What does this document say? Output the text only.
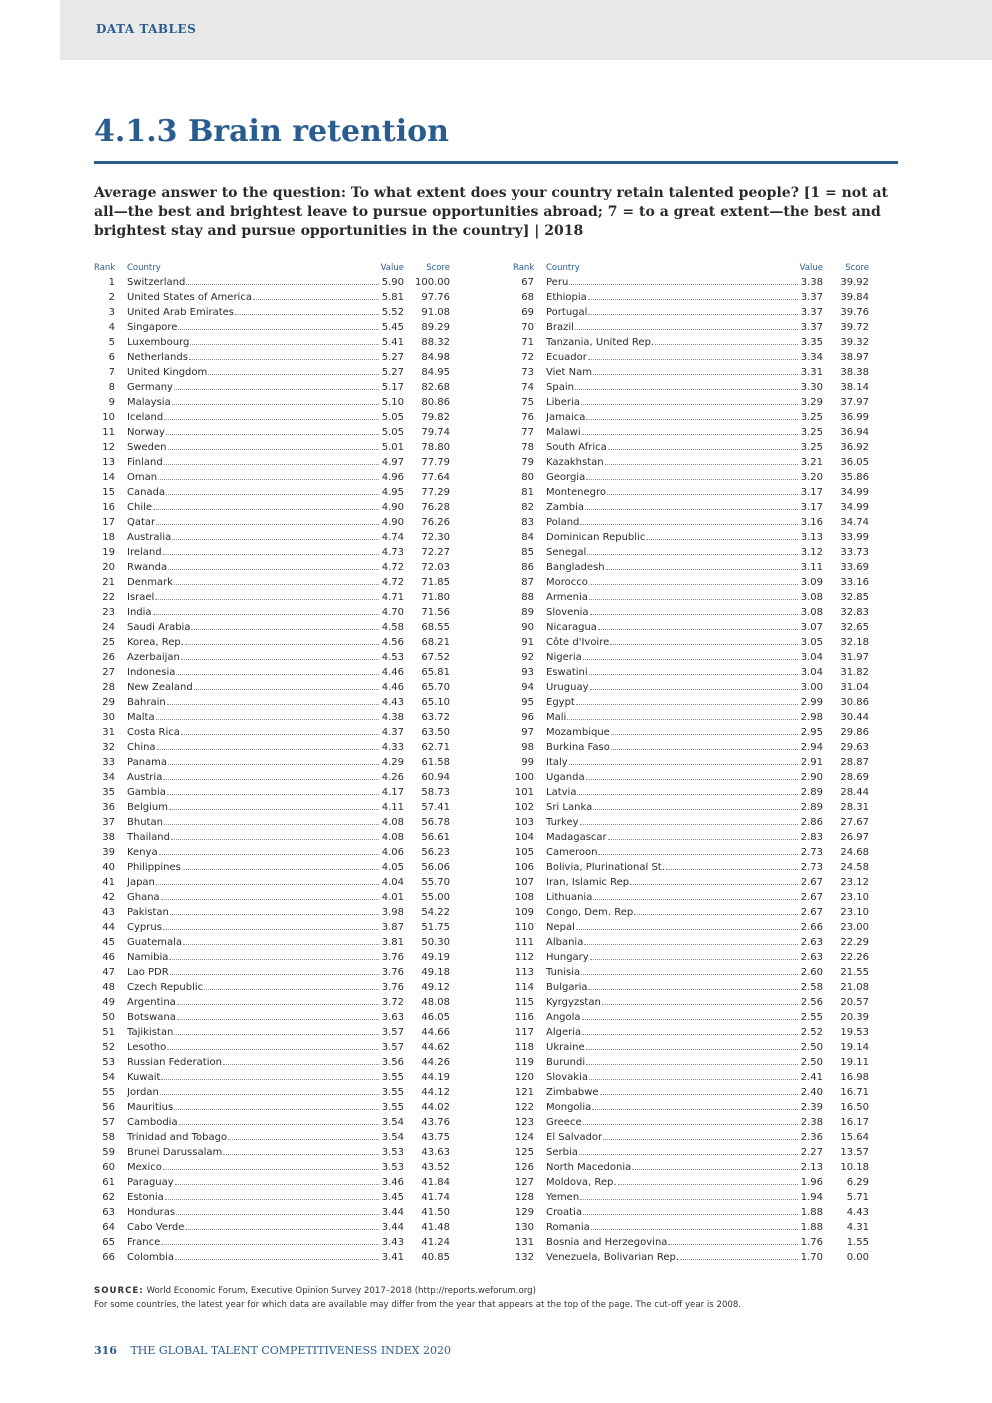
DATA TABLES
4.1.3 Brain retention
Average answer to the question: To what extent does your country retain talented people? [1 = not at all—the best and brightest leave to pursue opportunities abroad; 7 = to a great extent—the best and brightest stay and pursue opportunities in the country] | 2018
Rank Country	Value	Score
1 Switzerland	5.90	100.00
2 United States of America	5.81	97.76
3 United Arab Emirates	5.52	91.08
4 Singapore	5.45	89.29
5 Luxembourg	5.41	88.32
6 Netherlands	5.27	84.98
7 United Kingdom	5.27	84.95
8 Germany	5.17	82.68
9 Malaysia	5.10	80.86
10 Iceland	5.05	79.82
11 Norway	5.05	79.74
12 Sweden	5.01	78.80
13 Finland	4.97	77.79
14 Oman	4.96	77.64
15 Canada	4.95	77.29
16 Chile	4.90	76.28
17 Qatar	4.90	76.26
18 Australia	4.74	72.30
19 Ireland	4.73	72.27
20 Rwanda	4.72	72.03
21 Denmark	4.72	71.85
22 Israel	4.71	71.80
23 India	4.70	71.56
24 Saudi Arabia	4.58	68.55
25 Korea, Rep.	4.56	68.21
26 Azerbaijan	4.53	67.52
27 Indonesia	4.46	65.81
28 New Zealand	4.46	65.70
29 Bahrain	4.43	65.10
30 Malta	4.38	63.72
31 Costa Rica	4.37	63.50
32 China	4.33	62.71
33 Panama	4.29	61.58
34 Austria	4.26	60.94
35 Gambia	4.17	58.73
36 Belgium	4.11	57.41
37 Bhutan	4.08	56.78
38 Thailand	4.08	56.61
39 Kenya	4.06	56.23
40 Philippines	4.05	56.06
41 Japan	4.04	55.70
42 Ghana	4.01	55.00
43 Pakistan	3.98	54.22
44 Cyprus	3.87	51.75
45 Guatemala	3.81	50.30
46 Namibia	3.76	49.19
47 Lao PDR	3.76	49.18
48 Czech Republic	3.76	49.12
49 Argentina	3.72	48.08
50 Botswana	3.63	46.05
51 Tajikistan	3.57	44.66
52 Lesotho	3.57	44.62
53 Russian Federation	3.56	44.26
54 Kuwait	3.55	44.19
55 Jordan	3.55	44.12
56 Mauritius	3.55	44.02
57 Cambodia	3.54	43.76
58 Trinidad and Tobago	3.54	43.75
59 Brunei Darussalam	3.53	43.63
60 Mexico	3.53	43.52
61 Paraguay	3.46	41.84
62 Estonia	3.45	41.74
63 Honduras	3.44	41.50
64 Cabo Verde	3.44	41.48
65 France	3.43	41.24
66 Colombia	3.41	40.85
Rank Country	Value	Score
67 Peru	3.38	39.92
68 Ethiopia	3.37	39.84
69 Portugal	3.37	39.76
70 Brazil	3.37	39.72
71 Tanzania, United Rep.	3.35	39.32
72 Ecuador	3.34	38.97
73 Viet Nam	3.31	38.38
74 Spain	3.30	38.14
75 Liberia	3.29	37.97
76 Jamaica	3.25	36.99
77 Malawi	3.25	36.94
78 South Africa	3.25	36.92
79 Kazakhstan	3.21	36.05
80 Georgia	3.20	35.86
81 Montenegro	3.17	34.99
82 Zambia	3.17	34.99
83 Poland	3.16	34.74
84 Dominican Republic	3.13	33.99
85 Senegal	3.12	33.73
86 Bangladesh	3.11	33.69
87 Morocco	3.09	33.16
88 Armenia	3.08	32.85
89 Slovenia	3.08	32.83
90 Nicaragua	3.07	32.65
91 Côte d'Ivoire	3.05	32.18
92 Nigeria	3.04	31.97
93 Eswatini	3.04	31.82
94 Uruguay	3.00	31.04
95 Egypt	2.99	30.86
96 Mali	2.98	30.44
97 Mozambique	2.95	29.86
98 Burkina Faso	2.94	29.63
99 Italy	2.91	28.87
100 Uganda	2.90	28.69
101 Latvia	2.89	28.44
102 Sri Lanka	2.89	28.31
103 Turkey	2.86	27.67
104 Madagascar	2.83	26.97
105 Cameroon	2.73	24.68
106 Bolivia, Plurinational St.	2.73	24.58
107 Iran, Islamic Rep.	2.67	23.12
108 Lithuania	2.67	23.10
109 Congo, Dem. Rep.	2.67	23.10
110 Nepal	2.66	23.00
111 Albania	2.63	22.29
112 Hungary	2.63	22.26
113 Tunisia	2.60	21.55
114 Bulgaria	2.58	21.08
115 Kyrgyzstan	2.56	20.57
116 Angola	2.55	20.39
117 Algeria	2.52	19.53
118 Ukraine	2.50	19.14
119 Burundi	2.50	19.11
120 Slovakia	2.41	16.98
121 Zimbabwe	2.40	16.71
122 Mongolia	2.39	16.50
123 Greece	2.38	16.17
124 El Salvador	2.36	15.64
125 Serbia	2.27	13.57
126 North Macedonia	2.13	10.18
127 Moldova, Rep.	1.96	6.29
128 Yemen	1.94	5.71
129 Croatia	1.88	4.43
130 Romania	1.88	4.31
131 Bosnia and Herzegovina	1.76	1.55
132 Venezuela, Bolivarian Rep.	1.70	0.00
SOURCE: World Economic Forum, Executive Opinion Survey 2017–2018 (http://reports.weforum.org)
For some countries, the latest year for which data are available may differ from the year that appears at the top of the page. The cut-off year is 2008.
316 THE GLOBAL TALENT COMPETITIVENESS INDEX 2020
